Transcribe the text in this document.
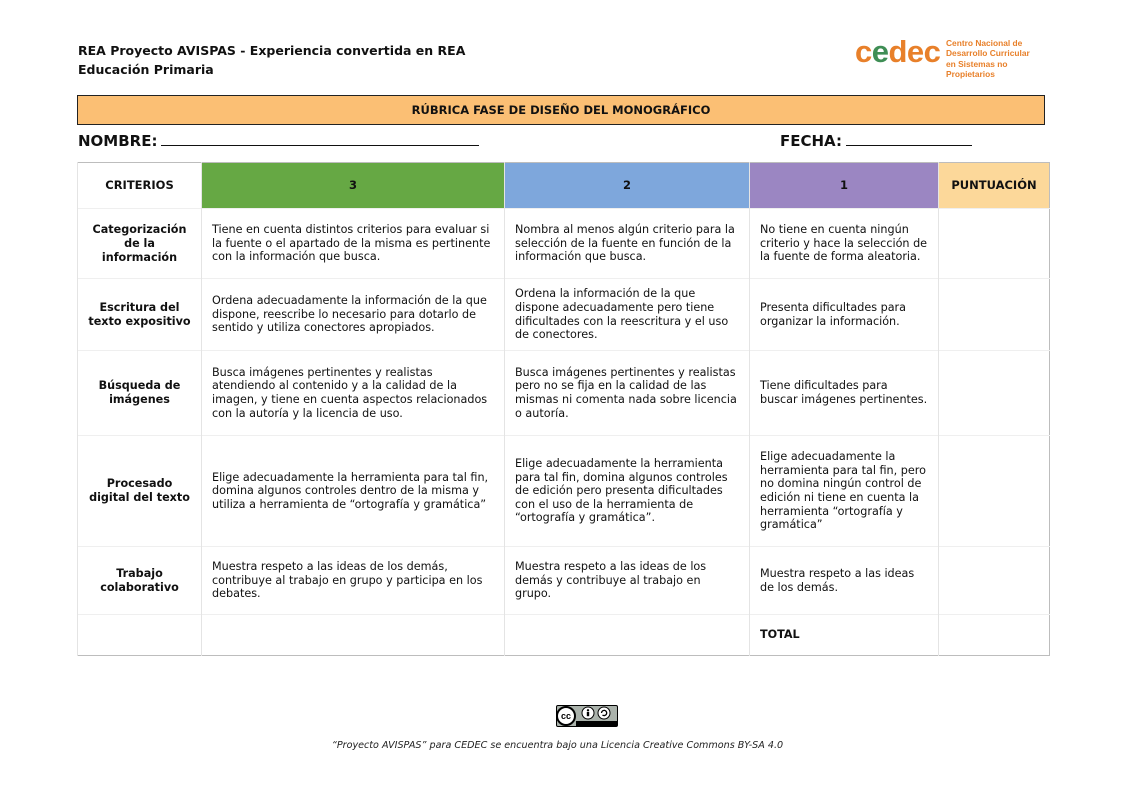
REA Proyecto AVISPAS - Experiencia convertida en REA
Educación Primaria
cedec Centro Nacional de
Desarrollo Curricular
en Sistemas no Propietarios
RÚBRICA FASE DE DISEÑO DEL MONOGRÁFICO
NOMBRE:	FECHA:
CRITERIOS	3	2	1	PUNTUACIÓN
Categorización de la información	Tiene en cuenta distintos criterios para evaluar si la fuente o el apartado de la misma es pertinente con la información que busca.	Nombra al menos algún criterio para la selección de la fuente en función de la información que busca.	No tiene en cuenta ningún criterio y hace la selección de la fuente de forma aleatoria.	
Escritura del texto expositivo	Ordena adecuadamente la información de la que dispone, reescribe lo necesario para dotarlo de sentido y utiliza conectores apropiados.	Ordena la información de la que dispone adecuadamente pero tiene dificultades con la reescritura y el uso de conectores.	Presenta dificultades para organizar la información.	
Búsqueda de imágenes	Busca imágenes pertinentes y realistas atendiendo al contenido y a la calidad de la imagen, y tiene en cuenta aspectos relacionados con la autoría y la licencia de uso.	Busca imágenes pertinentes y realistas pero no se fija en la calidad de las mismas ni comenta nada sobre licencia o autoría.	Tiene dificultades para buscar imágenes pertinentes.	
Procesado digital del texto	Elige adecuadamente la herramienta para tal fin, domina algunos controles dentro de la misma y utiliza a herramienta de “ortografía y gramática”	Elige adecuadamente la herramienta para tal fin, domina algunos controles de edición pero presenta dificultades con el uso de la herramienta de “ortografía y gramática”.	Elige adecuadamente la herramienta para tal fin, pero no domina ningún control de edición ni tiene en cuenta la herramienta “ortografía y gramática”	
Trabajo colaborativo	Muestra respeto a las ideas de los demás, contribuye al trabajo en grupo y participa en los debates.	Muestra respeto a las ideas de los demás y contribuye al trabajo en grupo.	Muestra respeto a las ideas de los demás.	
			TOTAL	
cc
“Proyecto AVISPAS” para CEDEC se encuentra bajo una Licencia Creative Commons BY-SA 4.0
